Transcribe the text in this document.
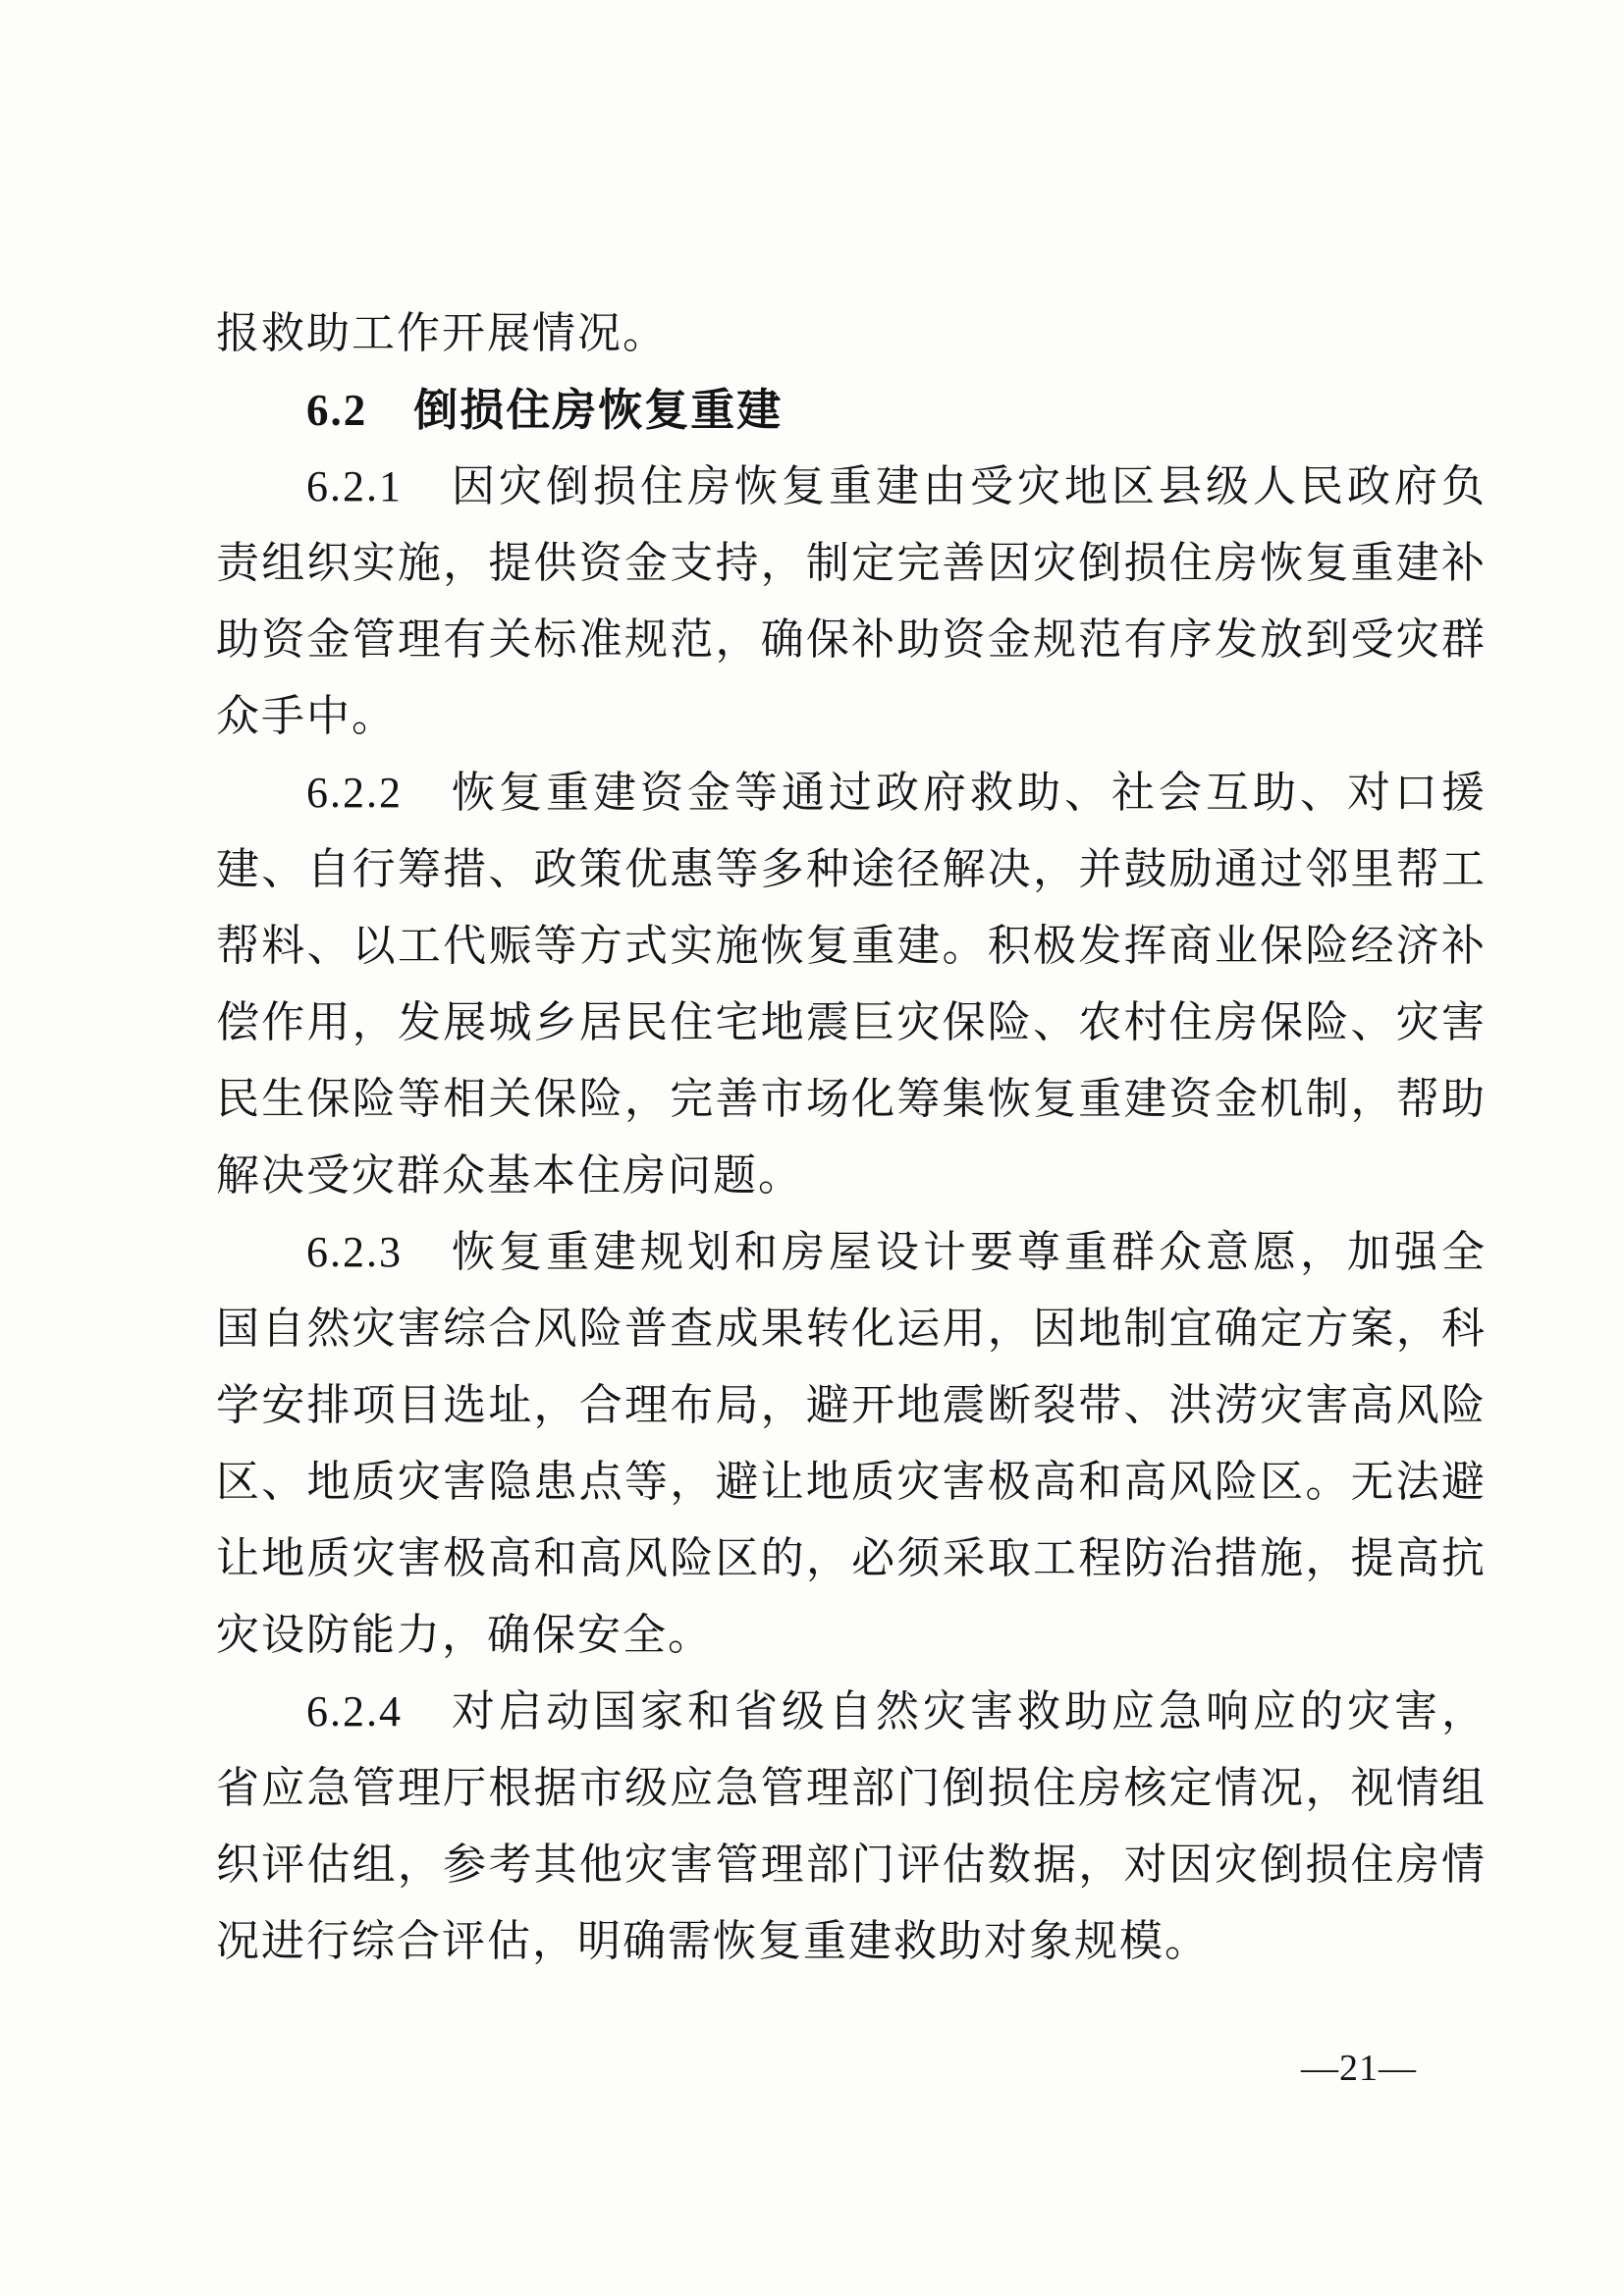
报救助工作开展情况。
6.2　倒损住房恢复重建
6.2.1　因灾倒损住房恢复重建由受灾地区县级人民政府负
责组织实施，提供资金支持，制定完善因灾倒损住房恢复重建补
助资金管理有关标准规范，确保补助资金规范有序发放到受灾群
众手中。
6.2.2　恢复重建资金等通过政府救助、社会互助、对口援
建、自行筹措、政策优惠等多种途径解决，并鼓励通过邻里帮工
帮料、以工代赈等方式实施恢复重建。积极发挥商业保险经济补
偿作用，发展城乡居民住宅地震巨灾保险、农村住房保险、灾害
民生保险等相关保险，完善市场化筹集恢复重建资金机制，帮助
解决受灾群众基本住房问题。
6.2.3　恢复重建规划和房屋设计要尊重群众意愿，加强全
国自然灾害综合风险普查成果转化运用，因地制宜确定方案，科
学安排项目选址，合理布局，避开地震断裂带、洪涝灾害高风险
区、地质灾害隐患点等，避让地质灾害极高和高风险区。无法避
让地质灾害极高和高风险区的，必须采取工程防治措施，提高抗
灾设防能力，确保安全。
6.2.4　对启动国家和省级自然灾害救助应急响应的灾害，
省应急管理厅根据市级应急管理部门倒损住房核定情况，视情组
织评估组，参考其他灾害管理部门评估数据，对因灾倒损住房情
况进行综合评估，明确需恢复重建救助对象规模。
—21—
